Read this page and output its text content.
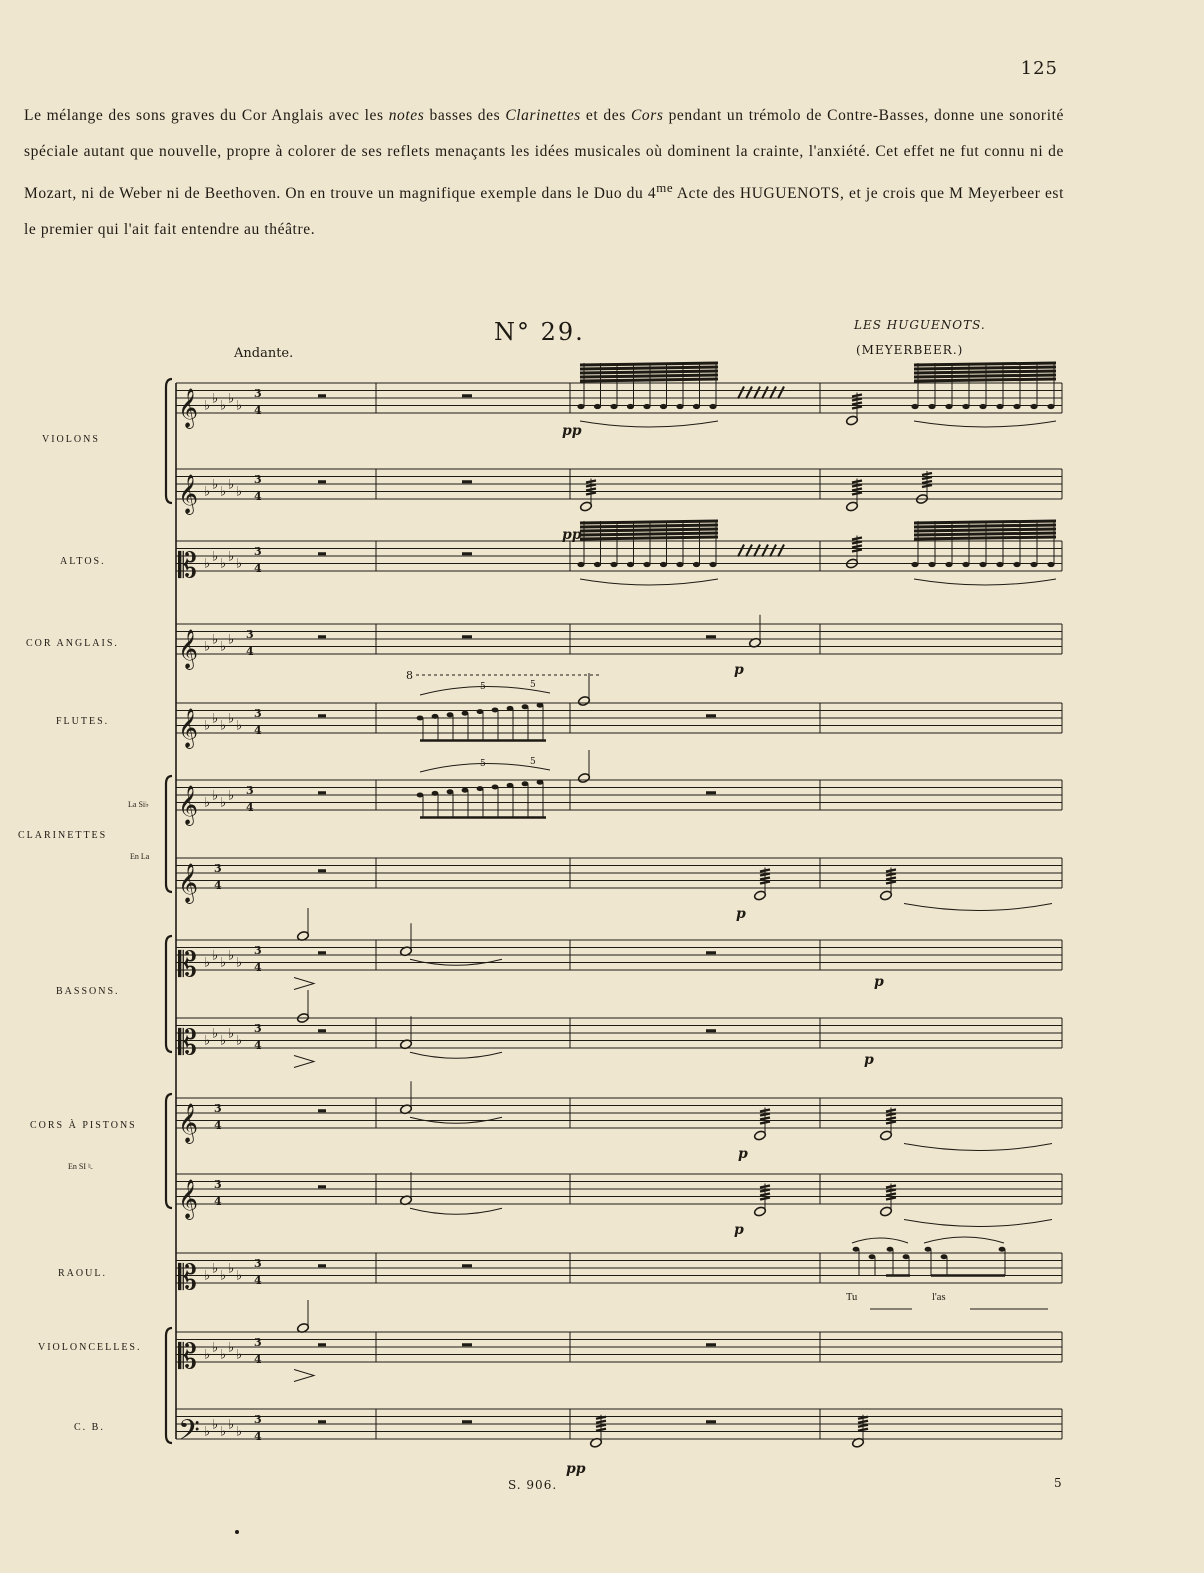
125
Le mélange des sons graves du Cor Anglais avec les notes basses des Clarinettes et des Cors pendant un trémolo de Contre-Basses, donne une sonorité spéciale autant que nouvelle, propre à colorer de ses reflets menaçants les idées musicales où dominent la crainte, l'anxiété. Cet effet ne fut connu ni de Mozart, ni de Weber ni de Beethoven. On en trouve un magnifique exemple dans le Duo du $4^{me}$ Acte des HUGUENOTS, et je crois que M Meyerbeer est le premier qui l'ait fait entendre au théâtre.
N° 29.	LES HUGUENOTS.
(MEYERBEER.)
Andante.
𝄞 ♭ ♭ ♭ ♭ ♭
3
4
𝄞 ♭ ♭ ♭ ♭ ♭
3
4
𝄡 ♭ ♭ ♭ ♭ ♭
3
4
𝄞 ♭ ♭ ♭ ♭ 3
4
𝄞 ♭ ♭ ♭ ♭ ♭
3
4
𝄞 ♭ ♭ ♭ ♭ 3
4
𝄞 3
4
𝄡 ♭ ♭ ♭ ♭ ♭
3
4
𝄡 ♭ ♭ ♭ ♭ ♭
3
4
𝄞 3
4
𝄞 3
4
𝄡 ♭ ♭ ♭ ♭ ♭
3
4
𝄡 ♭ ♭ ♭ ♭ ♭
3
4
𝄢 ♭ ♭ ♭ ♭ ♭
3
4
5	5
5	5
8
pp
pp
pp
p
p
p
p
p
p
VIOLONS
ALTOS.
COR ANGLAIS.
FLUTES.
CLARINETTES
La Si♭
En La
BASSONS.
CORS À PISTONS
En SI ♮.
RAOUL.
VIOLONCELLES.
C. B.
Tu	l'as
S. 906.	5
